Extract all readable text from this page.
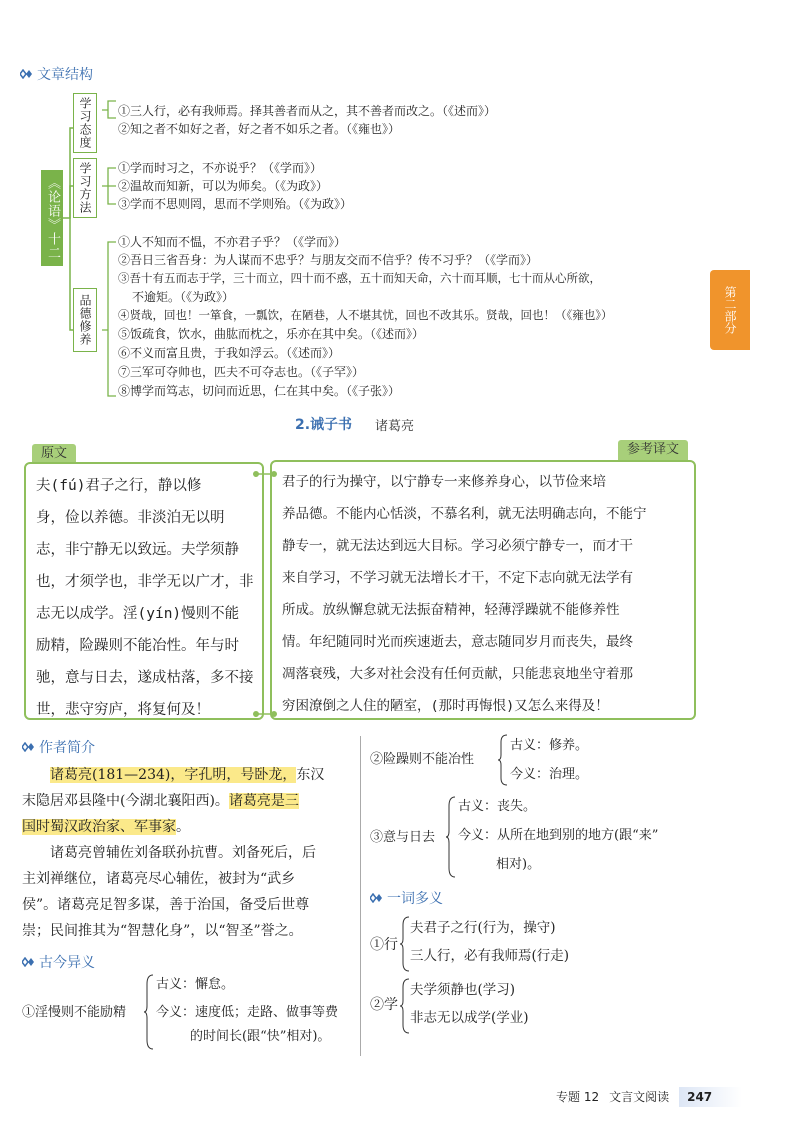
文章结构
《论语》十二章
学习态度
学习方法
品德修养
①三人行，必有我师焉。择其善者而从之，其不善者而改之。（《述而》）
②知之者不如好之者，好之者不如乐之者。（《雍也》）
①学而时习之，不亦说乎？（《学而》）
②温故而知新，可以为师矣。（《为政》）
③学而不思则罔，思而不学则殆。（《为政》）
①人不知而不愠，不亦君子乎？（《学而》）
②吾日三省吾身：为人谋而不忠乎？与朋友交而不信乎？传不习乎？（《学而》）
③吾十有五而志于学，三十而立，四十而不惑，五十而知天命，六十而耳顺，七十而从心所欲，
不逾矩。（《为政》）
④贤哉，回也！一箪食，一瓢饮，在陋巷，人不堪其忧，回也不改其乐。贤哉，回也！（《雍也》）
⑤饭疏食，饮水，曲肱而枕之，乐亦在其中矣。（《述而》）
⑥不义而富且贵，于我如浮云。（《述而》）
⑦三军可夺帅也，匹夫不可夺志也。（《子罕》）
⑧博学而笃志，切问而近思，仁在其中矣。（《子张》）
第二部分
2.诫子书 诸葛亮
原文
夫(fú)君子之行，静以修
身，俭以养德。非淡泊无以明
志，非宁静无以致远。夫学须静
也，才须学也，非学无以广才，非
志无以成学。淫(yín)慢则不能
励精，险躁则不能冶性。年与时
驰，意与日去，遂成枯落，多不接
世，悲守穷庐，将复何及！
参考译文
君子的行为操守，以宁静专一来修养身心，以节俭来培
养品德。不能内心恬淡，不慕名利，就无法明确志向，不能宁
静专一，就无法达到远大目标。学习必须宁静专一，而才干
来自学习，不学习就无法增长才干，不定下志向就无法学有
所成。放纵懈怠就无法振奋精神，轻薄浮躁就不能修养性
情。年纪随同时光而疾速逝去，意志随同岁月而丧失，最终
凋落衰残，大多对社会没有任何贡献，只能悲哀地坐守着那
穷困潦倒之人住的陋室，(那时再悔恨)又怎么来得及！
作者简介
诸葛亮(181—234)，字孔明，号卧龙，东汉
末隐居邓县隆中(今湖北襄阳西)。诸葛亮是三
国时蜀汉政治家、军事家。
诸葛亮曾辅佐刘备联孙抗曹。刘备死后，后
主刘禅继位，诸葛亮尽心辅佐，被封为“武乡
侯”。诸葛亮足智多谋，善于治国，备受后世尊
崇；民间推其为“智慧化身”，以“智圣”誉之。
古今异义
①淫慢则不能励精
古义：懈怠。
今义：速度低；走路、做事等费
的时间长(跟“快”相对)。
②险躁则不能冶性
古义：修养。
今义：治理。
③意与日去
古义：丧失。
今义：从所在地到别的地方(跟“来”
相对)。
一词多义
①行
夫君子之行(行为，操守)
三人行，必有我师焉(行走)
②学
夫学须静也(学习)
非志无以成学(学业)
专题 12 文言文阅读	247
